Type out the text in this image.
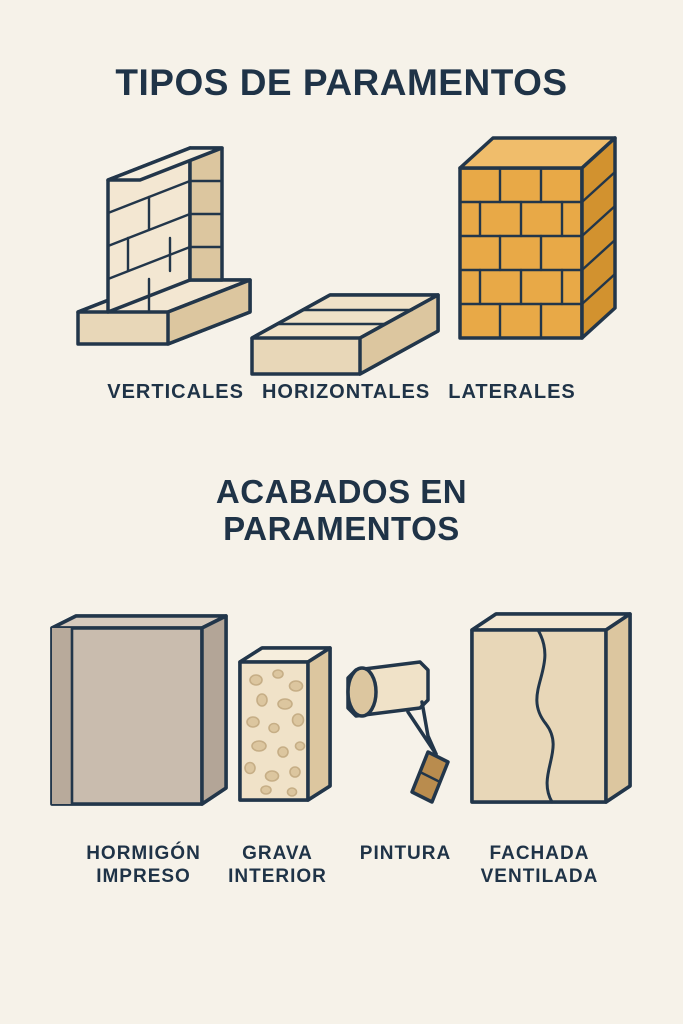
TIPOS DE PARAMENTOS
VERTICALES HORIZONTALES LATERALES
ACABADOS EN
PARAMENTOS
HORMIGÓN
IMPRESO
GRAVA
INTERIOR
PINTURA	FACHADA
VENTILADA
